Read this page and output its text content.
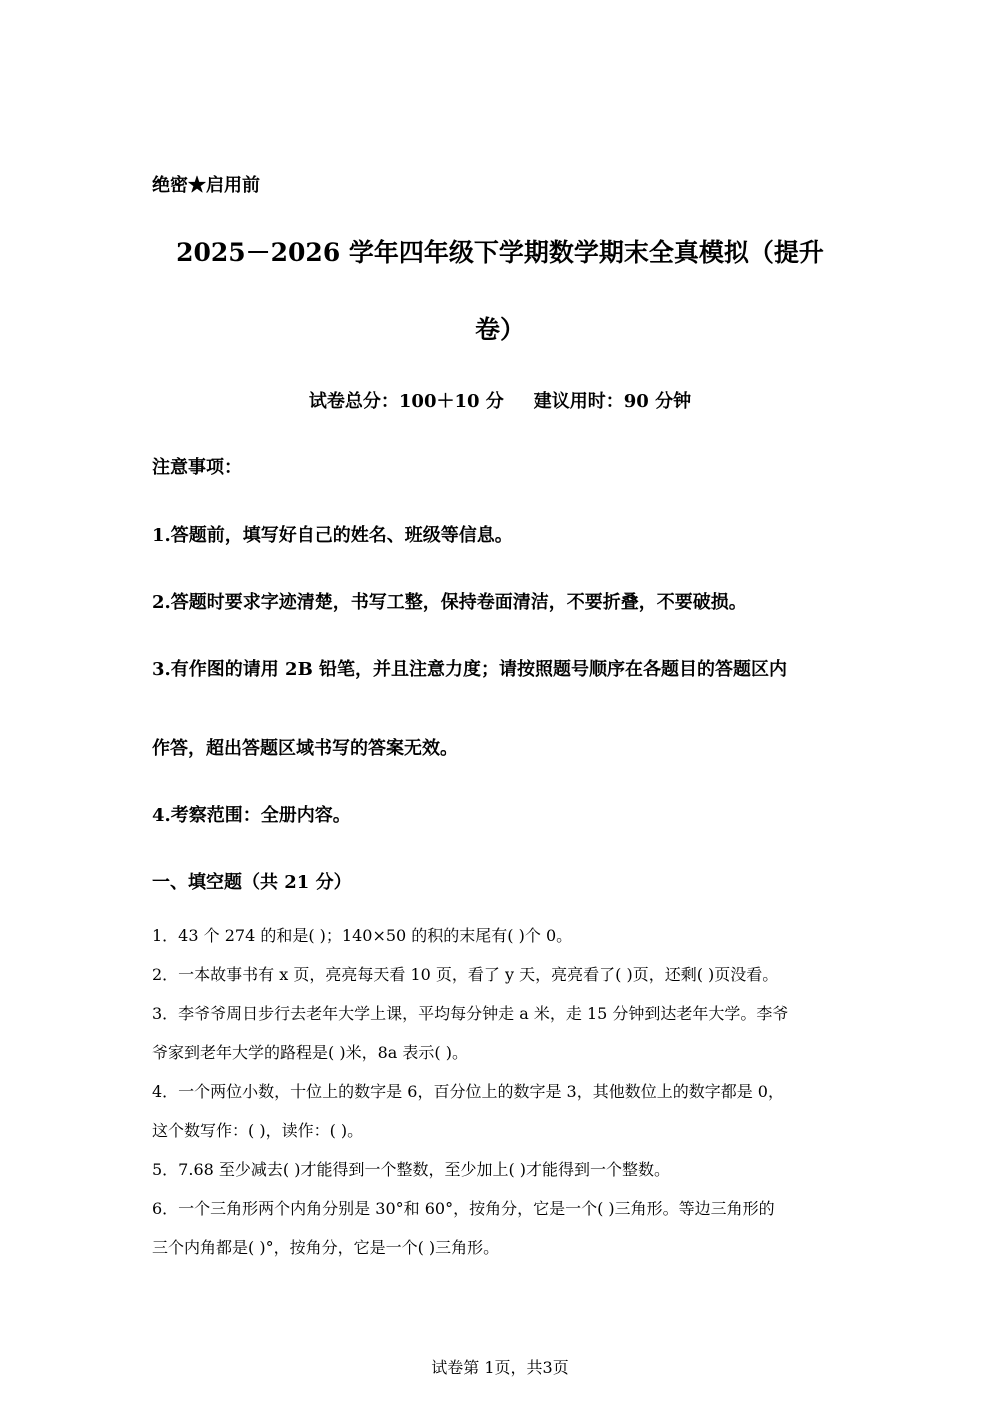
绝密★启用前
2025－2026 学年四年级下学期数学期末全真模拟（提升
卷）
试卷总分：100＋10 分 建议用时：90 分钟
注意事项：
1.答题前，填写好自己的姓名、班级等信息。
2.答题时要求字迹清楚，书写工整，保持卷面清洁，不要折叠，不要破损。
3.有作图的请用 2B 铅笔，并且注意力度；请按照题号顺序在各题目的答题区内
作答，超出答题区域书写的答案无效。
4.考察范围：全册内容。
一、填空题（共 21 分）
1．43 个 274 的和是( )；140×50 的积的末尾有( )个 0。
2．一本故事书有 x 页，亮亮每天看 10 页，看了 y 天，亮亮看了( )页，还剩( )页没看。
3．李爷爷周日步行去老年大学上课，平均每分钟走 a 米，走 15 分钟到达老年大学。李爷
爷家到老年大学的路程是( )米，8a 表示( )。
4．一个两位小数，十位上的数字是 6，百分位上的数字是 3，其他数位上的数字都是 0，
这个数写作：( )，读作：( )。
5．7.68 至少减去( )才能得到一个整数，至少加上( )才能得到一个整数。
6．一个三角形两个内角分别是 30°和 60°，按角分，它是一个( )三角形。等边三角形的
三个内角都是( )°，按角分，它是一个( )三角形。
试卷第 1页，共3页
